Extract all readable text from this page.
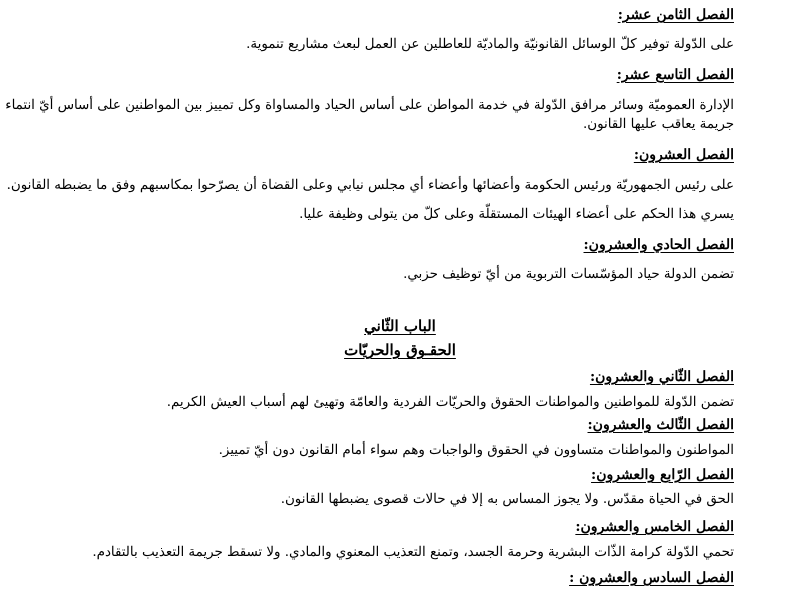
الفصل الثامن عشر:
على الدّولة توفير كلّ الوسائل القانونيّة والماديّة للعاطلين عن العمل لبعث مشاريع تنموية.
الفصل التاسع عشر:
الإدارة العموميّة وسائر مرافق الدّولة في خدمة المواطن على أساس الحياد والمساواة وكل تمييز بين المواطنين على أساس أيّ انتماء
جريمة يعاقب عليها القانون.
الفصل العشرون:
على رئيس الجمهوريّة ورئيس الحكومة وأعضائها وأعضاء أي مجلس نيابي وعلى القضاة أن يصرّحوا بمكاسبهم وفق ما يضبطه القانون.
يسري هذا الحكم على أعضاء الهيئات المستقلّة وعلى كلّ من يتولى وظيفة عليا.
الفصل الحادي والعشرون:
تضمن الدولة حياد المؤسّسات التربوية من أيّ توظيف حزبي.
الباب الثّاني
الحقـوق والحريّات
الفصل الثّاني والعشرون:
تضمن الدّولة للمواطنين والمواطنات الحقوق والحريّات الفردية والعامّة وتهيئ لهم أسباب العيش الكريم.
الفصل الثّالث والعشرون:
المواطنون والمواطنات متساوون في الحقوق والواجبات وهم سواء أمام القانون دون أيّ تمييز.
الفصل الرّابع والعشرون:
الحق في الحياة مقدّس. ولا يجوز المساس به إلا في حالات قصوى يضبطها القانون.
الفصل الخامس والعشرون:
تحمي الدّولة كرامة الذّات البشرية وحرمة الجسد، وتمنع التعذيب المعنوي والمادي. ولا تسقط جريمة التعذيب بالتقادم.
الفصل السادس والعشرون :
